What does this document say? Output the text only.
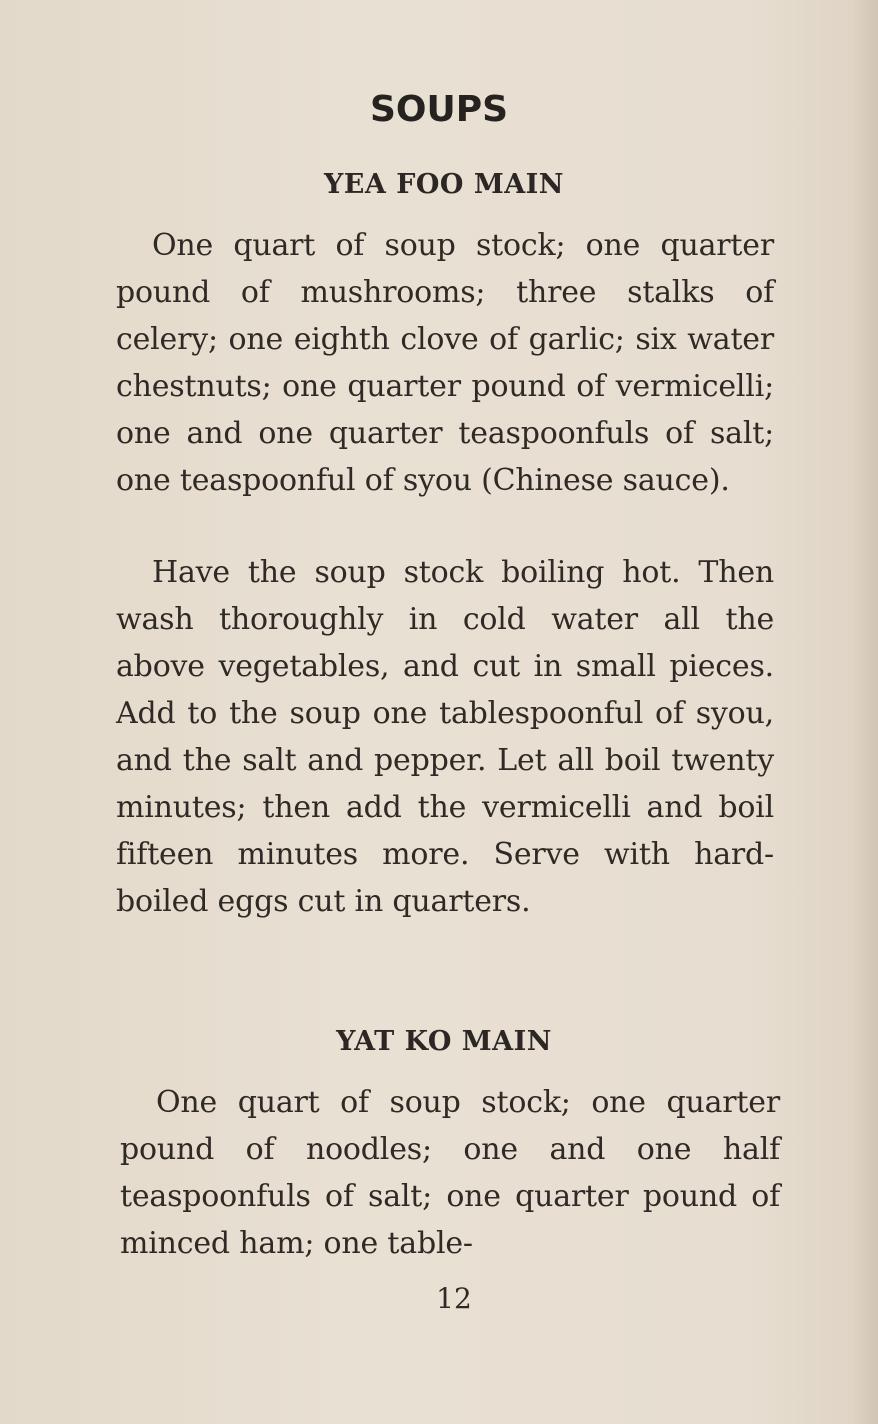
SOUPS
YEA FOO MAIN

One quart of soup stock; one quarter pound of mushrooms; three stalks of celery; one eighth clove of garlic; six water chestnuts; one quarter pound of vermicelli; one and one quarter teaspoonfuls of salt; one teaspoonful of syou (Chinese sauce).

Have the soup stock boiling hot. Then wash thoroughly in cold water all the above vegetables, and cut in small pieces. Add to the soup one tablespoonful of syou, and the salt and pepper. Let all boil twenty minutes; then add the vermicelli and boil fifteen minutes more. Serve with hard-boiled eggs cut in quarters.

YAT KO MAIN

One quart of soup stock; one quarter pound of noodles; one and one half teaspoonfuls of salt; one quarter pound of minced ham; one table-

12
